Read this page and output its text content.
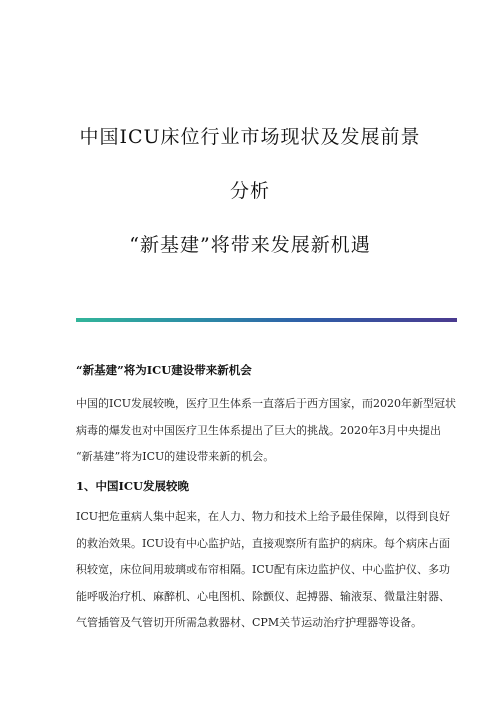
中国ICU床位行业市场现状及发展前景
分析
“新基建”将带来发展新机遇
“新基建”将为ICU建设带来新机会
中国的ICU发展较晚，医疗卫生体系一直落后于西方国家，而2020年新型冠状
病毒的爆发也对中国医疗卫生体系提出了巨大的挑战。2020年3月中央提出
“新基建”将为ICU的建设带来新的机会。
1、中国ICU发展较晚
ICU把危重病人集中起来，在人力、物力和技术上给予最佳保障，以得到良好
的救治效果。ICU设有中心监护站，直接观察所有监护的病床。每个病床占面
积较宽，床位间用玻璃或布帘相隔。ICU配有床边监护仪、中心监护仪、多功
能呼吸治疗机、麻醉机、心电图机、除颤仪、起搏器、输液泵、微量注射器、
气管插管及气管切开所需急救器材、CPM关节运动治疗护理器等设备。
